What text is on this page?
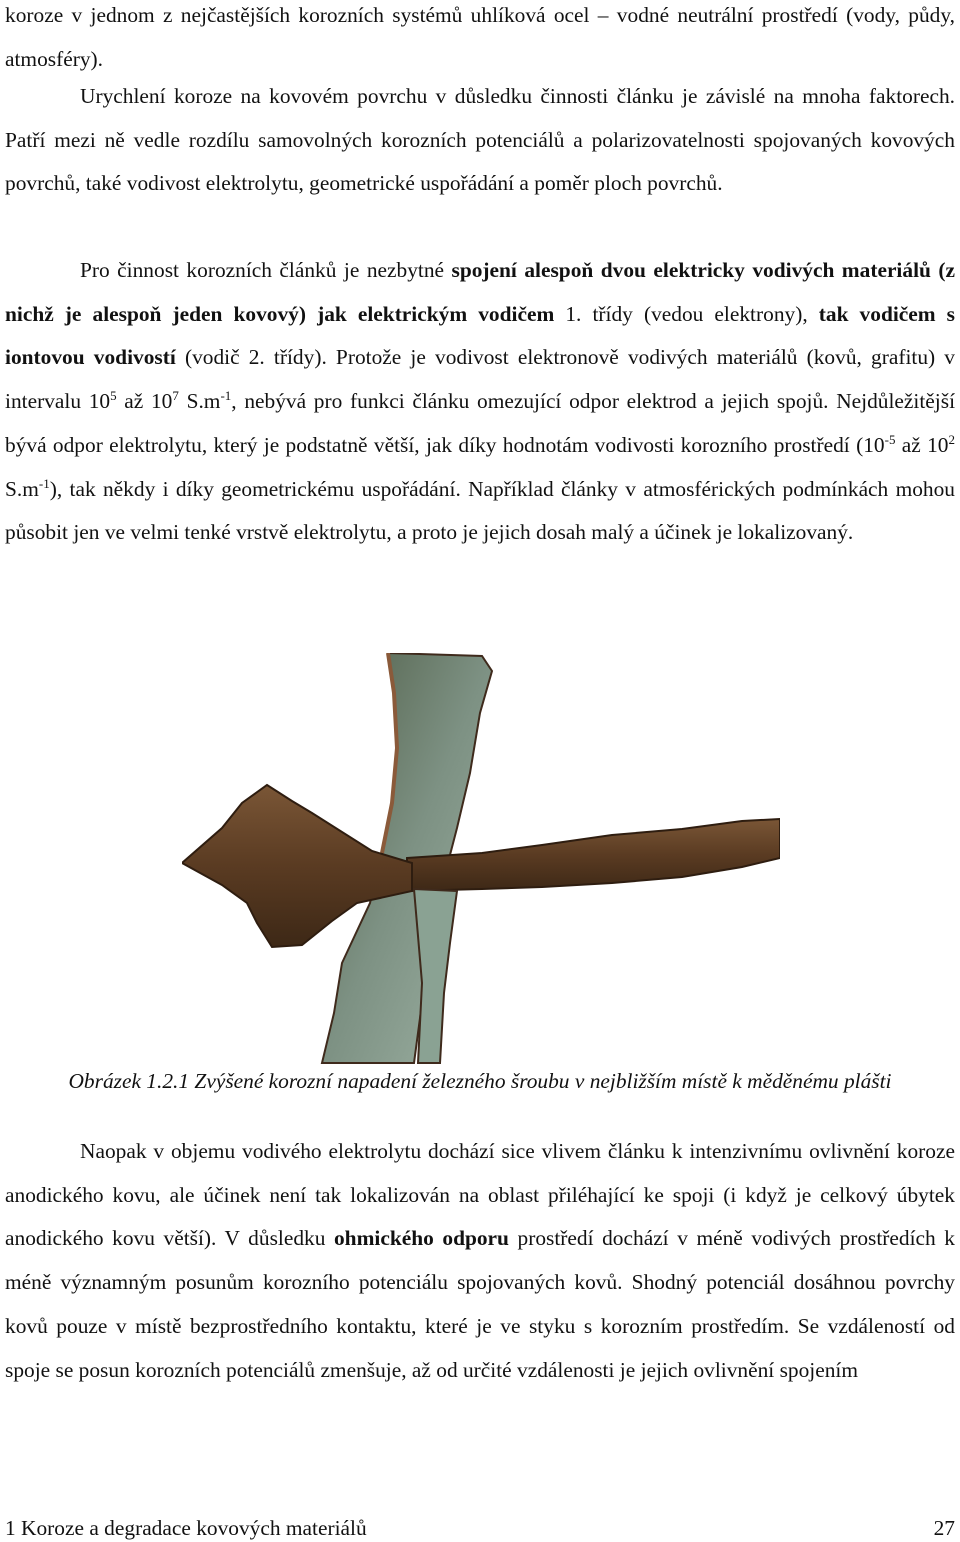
koroze v jednom z nejčastějších korozních systémů uhlíková ocel – vodné neutrální prostředí (vody, půdy, atmosféry).

Urychlení koroze na kovovém povrchu v důsledku činnosti článku je závislé na mnoha faktorech. Patří mezi ně vedle rozdílu samovolných korozních potenciálů a polarizovatelnosti spojovaných kovových povrchů, také vodivost elektrolytu, geometrické uspořádání a poměr ploch povrchů.

Pro činnost korozních článků je nezbytné spojení alespoň dvou elektricky vodivých materiálů (z nichž je alespoň jeden kovový) jak elektrickým vodičem 1. třídy (vedou elektrony), tak vodičem s iontovou vodivostí (vodič 2. třídy). Protože je vodivost elektronově vodivých materiálů (kovů, grafitu) v intervalu $10^5$ až $10^7$ $S.m^{-1}$, nebývá pro funkci článku omezující odpor elektrod a jejich spojů. Nejdůležitější bývá odpor elektrolytu, který je podstatně větší, jak díky hodnotám vodivosti korozního prostředí ($10^{-5}$ až $10^2$ $S.m^{-1}$), tak někdy i díky geometrickému uspořádání. Například články v atmosférických podmínkách mohou působit jen ve velmi tenké vrstvě elektrolytu, a proto je jejich dosah malý a účinek je lokalizovaný.

Obrázek 1.2.1 Zvýšené korozní napadení železného šroubu v nejbližším místě k měděnému plášti

Naopak v objemu vodivého elektrolytu dochází sice vlivem článku k intenzivnímu ovlivnění koroze anodického kovu, ale účinek není tak lokalizován na oblast přiléhající ke spoji (i když je celkový úbytek anodického kovu větší). V důsledku ohmického odporu prostředí dochází v méně vodivých prostředích k méně významným posunům korozního potenciálu spojovaných kovů. Shodný potenciál dosáhnou povrchy kovů pouze v místě bezprostředního kontaktu, které je ve styku s korozním prostředím. Se vzdáleností od spoje se posun korozních potenciálů zmenšuje, až od určité vzdálenosti je jejich ovlivnění spojením

1 Koroze a degradace kovových materiálů	27
